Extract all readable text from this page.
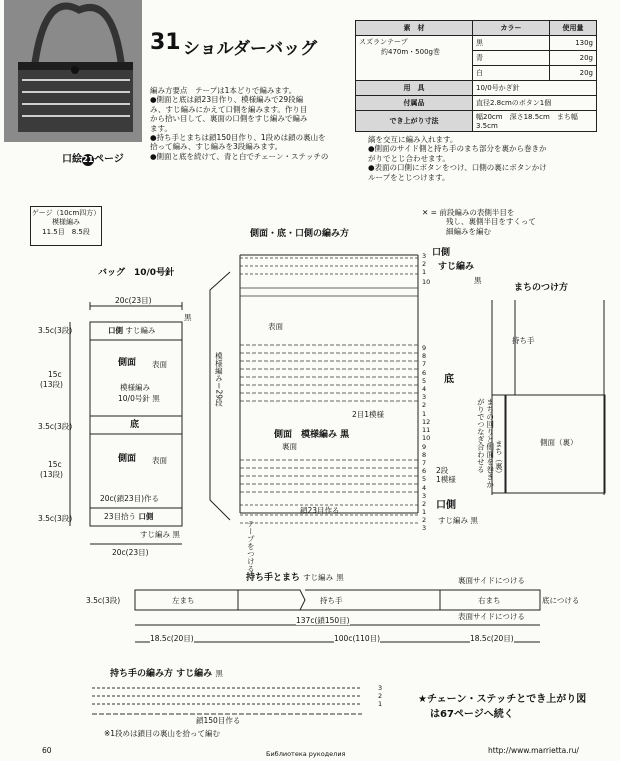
31 ショルダーバッグ
口絵21ページ
素　材	カラー	使用量

スズランテープ
約470m・500g巻	黒	130g
	青	20g
	白	20g
用　具	10/0号かぎ針	
付属品	直径2.8cmのボタン1個	
でき上がり寸法	幅20cm　深さ18.5cm　まち幅3.5cm	
編み方要点　テープは1本どりで編みます。
●側面と底は鎖23目作り、模様編みで29段編
み、すじ編みにかえて口側を編みます。作り目
から拾い目して、裏面の口側をすじ編みで編み
ます。
●持ち手とまちは鎖150目作り、1段めは鎖の裏山を
拾って編み、すじ編みを3段編みます。
●側面と底を続けて、青と白でチェーン・ステッチの
縞を交互に編み入れます。
●側面のサイド側と持ち手のまち部分を裏から巻きか
がりでとじ合わせます。
●表面の口側にボタンをつけ、口側の裏にボタンかけ
ループをとじつけます。
ゲージ（10cm四方）
模様編み
11.5目　8.5段
バッグ　10/0号針
20c(23目)
3.5c(3段)
15c
(13段)
3.5c(3段)
15c
(13段)
3.5c(3段)
口側 すじ編み
黒
側面 表面
模様編み
10/0号針 黒
底
側面 表面
20c(鎖23目)作る
23目拾う 口側
すじ編み 黒
20c(23目)
側面・底・口側の編み方
✕ = 前段編みの表側半目を
残し、裏側半目をすくって
細編みを編む
口側
すじ編み
黒
表面
模様編み＝29段	底
2目1模様
側面　模様編み 黒
裏面
2段
1模様
鎖23目作る
テープをつける
口側
すじ編み 黒
3
2
1
10
9
8
7
6
5
4
3
2
1
12
11
10
9
8
7
6
5
4
3
2
1
2
3
まちのつけ方
持ち手
まちの回りと側面を巻きかがりでつなぎ合わせる	まち（裏）
側面（裏）
持ち手とまち すじ編み 黒
3.5c(3段)	左まち	持ち手	右まち	底につける
裏面サイドにつける
表面サイドにつける
137c(鎖150目)
18.5c(20目)	100c(110目)	18.5c(20目)
持ち手の編み方 すじ編み 黒
3
2
1
鎖150目作る
※1段めは鎖目の裏山を拾って編む
★チェーン・ステッチとでき上がり図
は67ページへ続く
60	Библиотека рукоделия	http://www.marrietta.ru/
